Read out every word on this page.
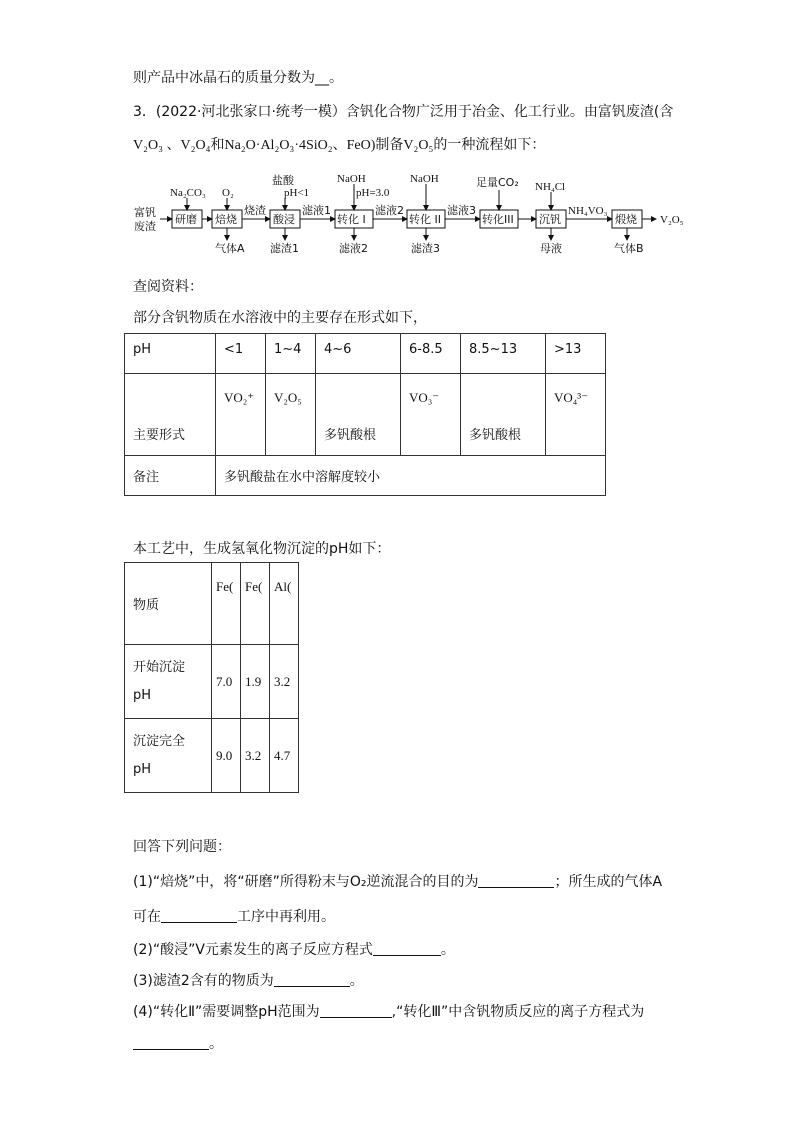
则产品中冰晶石的质量分数为__。
3．(2022·河北张家口·统考一模）含钒化合物广泛用于冶金、化工行业。由富钒废渣(含
V₂O₃ 、V₂O₄和Na₂O·Al₂O₃·4SiO₂、FeO)制备V₂O₅的一种流程如下：
富钒
废渣
研磨 焙烧	酸浸	转化 I	转化 II	转化III 沉钒	煅烧
Na₂CO₃ O₂
盐酸
pH<1
NaOH
pH=3.0
NaOH	足量CO₂ NH₄Cl
烧渣	滤液1	滤液2	滤液3	NH₄VO₃
V₂O₅
气体A 滤渣1	滤液2	滤渣3	母液	气体B
查阅资料：
部分含钒物质在水溶液中的主要存在形式如下，
pH	<1	1~4	4~6	6-8.5	8.5~13	>13
主要形式	VO₂⁺	V₂O₅	多钒酸根	VO₃⁻	多钒酸根	VO₄³⁻
备注	多钒酸盐在水中溶解度较小					
本工艺中，生成氢氧化物沉淀的pH如下：
物质	Fe(	Fe(	Al(

开始沉淀
pH	7.0	1.9	3.2

沉淀完全
pH	9.0	3.2	4.7
回答下列问题：
(1)“焙烧”中，将“研磨”所得粉末与O₂逆流混合的目的为	；所生成的气体A
可在	工序中再利用。
(2)“酸浸”V元素发生的离子反应方程式	。
(3)滤渣2含有的物质为	。
(4)“转化Ⅱ”需要调整pH范围为	,“转化Ⅲ”中含钒物质反应的离子方程式为
。
